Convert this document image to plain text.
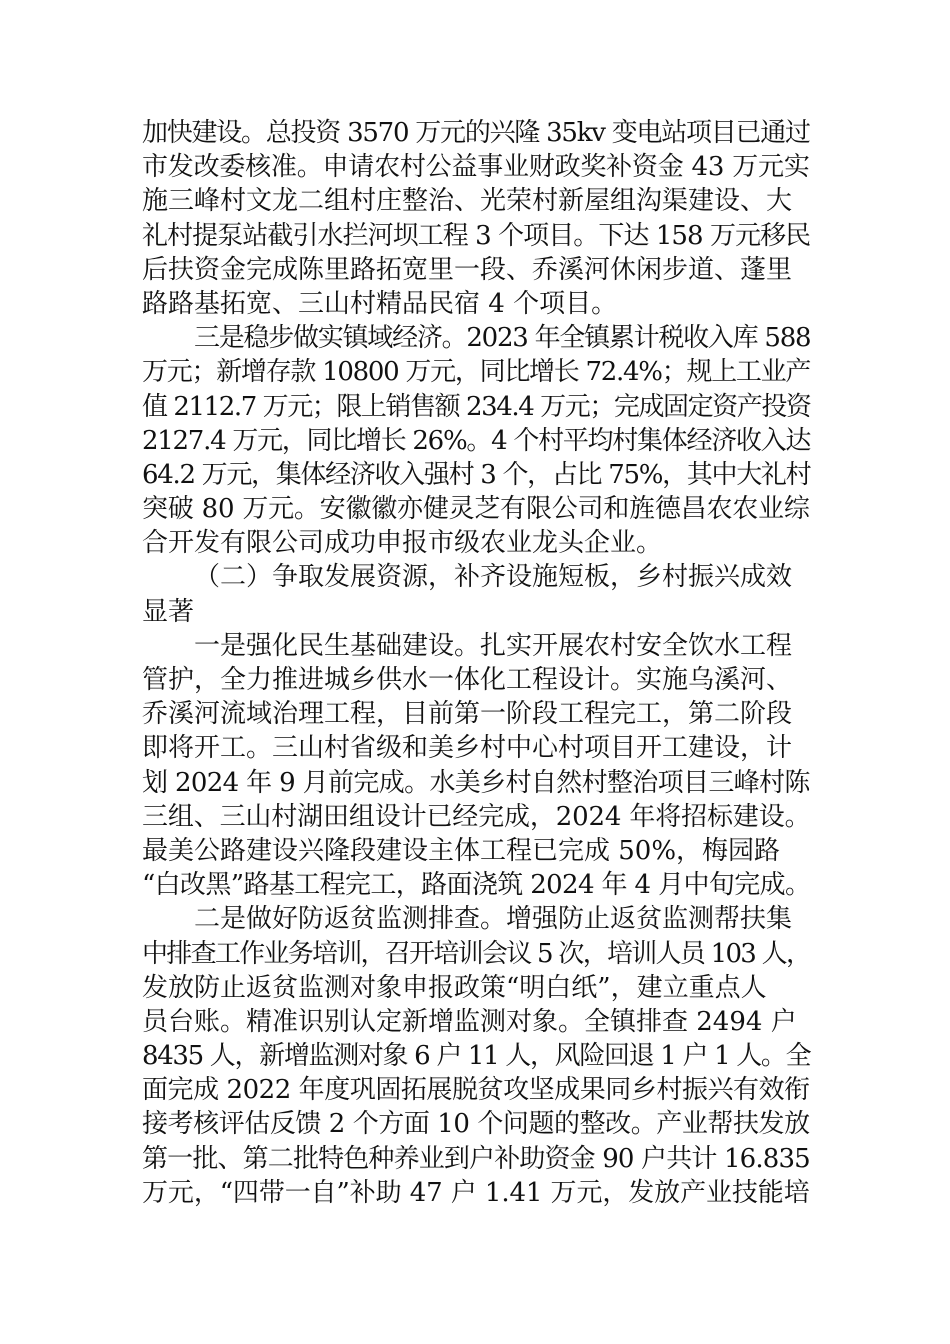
加快建设。总投资 3570 万元的兴隆 35kv 变电站项目已通过
市发改委核准。申请农村公益事业财政奖补资金 43 万元实
施三峰村文龙二组村庄整治、光荣村新屋组沟渠建设、大
礼村提泵站截引水拦河坝工程 3 个项目。下达 158 万元移民
后扶资金完成陈里路拓宽里一段、乔溪河休闲步道、蓬里
路路基拓宽、三山村精品民宿 4 个项目。
三是稳步做实镇域经济。2023 年全镇累计税收入库 588
万元；新增存款 10800 万元，同比增长 72.4%；规上工业产
值 2112.7 万元；限上销售额 234.4 万元；完成固定资产投资
2127.4 万元，同比增长 26%。4 个村平均村集体经济收入达
64.2 万元，集体经济收入强村 3 个，占比 75%，其中大礼村
突破 80 万元。安徽徽亦健灵芝有限公司和旌德昌农农业综
合开发有限公司成功申报市级农业龙头企业。
（二）争取发展资源，补齐设施短板，乡村振兴成效
显著
一是强化民生基础建设。扎实开展农村安全饮水工程
管护，全力推进城乡供水一体化工程设计。实施乌溪河、
乔溪河流域治理工程，目前第一阶段工程完工，第二阶段
即将开工。三山村省级和美乡村中心村项目开工建设，计
划 2024 年 9 月前完成。水美乡村自然村整治项目三峰村陈
三组、三山村湖田组设计已经完成，2024 年将招标建设。
最美公路建设兴隆段建设主体工程已完成 50%，梅园路
“白改黑”路基工程完工，路面浇筑 2024 年 4 月中旬完成。
二是做好防返贫监测排查。增强防止返贫监测帮扶集
中排查工作业务培训，召开培训会议 5 次，培训人员 103 人，
发放防止返贫监测对象申报政策“明白纸”，建立重点人
员台账。精准识别认定新增监测对象。全镇排查 2494 户
8435 人，新增监测对象 6 户 11 人，风险回退 1 户 1 人。全
面完成 2022 年度巩固拓展脱贫攻坚成果同乡村振兴有效衔
接考核评估反馈 2 个方面 10 个问题的整改。产业帮扶发放
第一批、第二批特色种养业到户补助资金 90 户共计 16.835
万元，“四带一自”补助 47 户 1.41 万元，发放产业技能培
